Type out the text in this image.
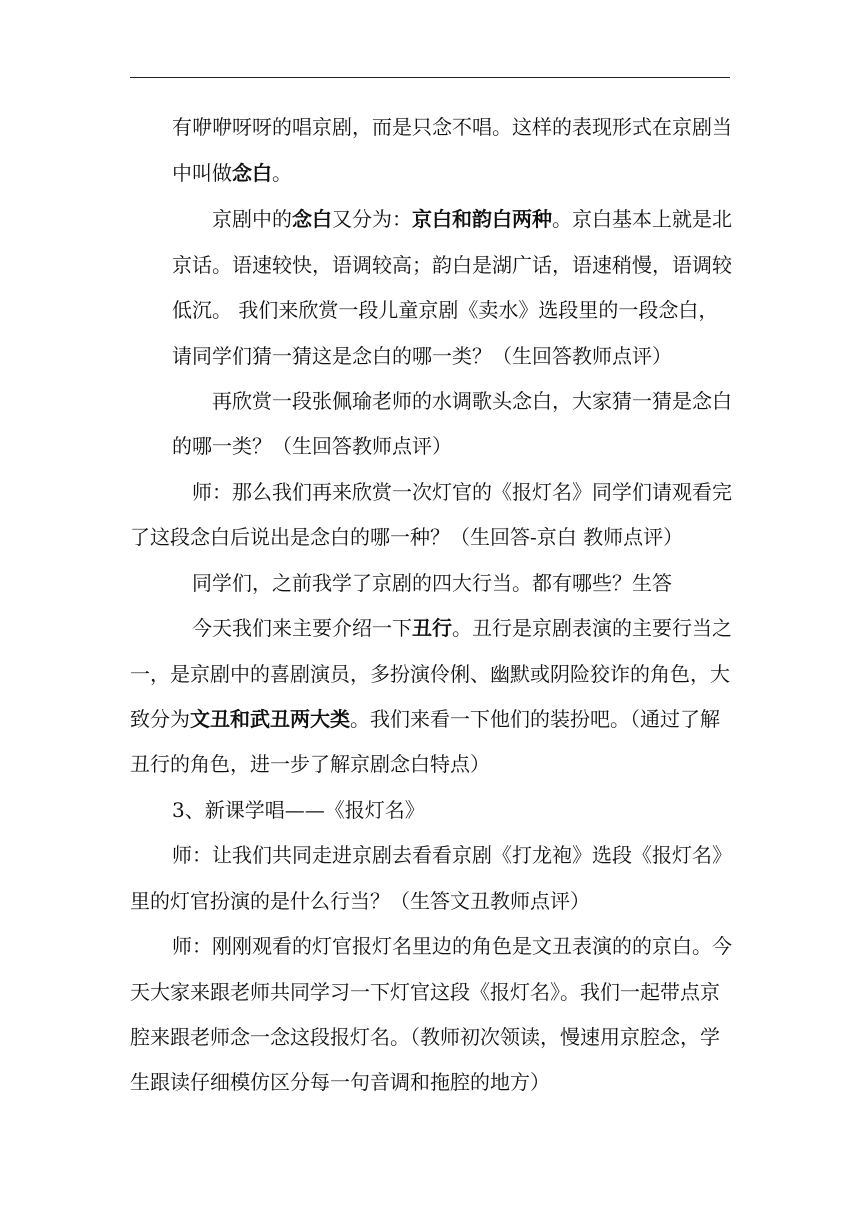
有咿咿呀呀的唱京剧，而是只念不唱。这样的表现形式在京剧当
中叫做念白。
京剧中的念白又分为：京白和韵白两种。京白基本上就是北
京话。语速较快，语调较高；韵白是湖广话，语速稍慢，语调较
低沉。 我们来欣赏一段儿童京剧《卖水》选段里的一段念白，
请同学们猜一猜这是念白的哪一类？（生回答教师点评）
再欣赏一段张佩瑜老师的水调歌头念白，大家猜一猜是念白
的哪一类？（生回答教师点评）
师：那么我们再来欣赏一次灯官的《报灯名》同学们请观看完
了这段念白后说出是念白的哪一种？（生回答-京白 教师点评）
同学们，之前我学了京剧的四大行当。都有哪些？生答
今天我们来主要介绍一下丑行。丑行是京剧表演的主要行当之
一，是京剧中的喜剧演员，多扮演伶俐、幽默或阴险狡诈的角色，大
致分为文丑和武丑两大类。我们来看一下他们的装扮吧。（通过了解
丑行的角色，进一步了解京剧念白特点）
3、新课学唱——《报灯名》
师：让我们共同走进京剧去看看京剧《打龙袍》选段《报灯名》
里的灯官扮演的是什么行当？（生答文丑教师点评）
师：刚刚观看的灯官报灯名里边的角色是文丑表演的的京白。今
天大家来跟老师共同学习一下灯官这段《报灯名》。我们一起带点京
腔来跟老师念一念这段报灯名。（教师初次领读，慢速用京腔念，学
生跟读仔细模仿区分每一句音调和拖腔的地方）
